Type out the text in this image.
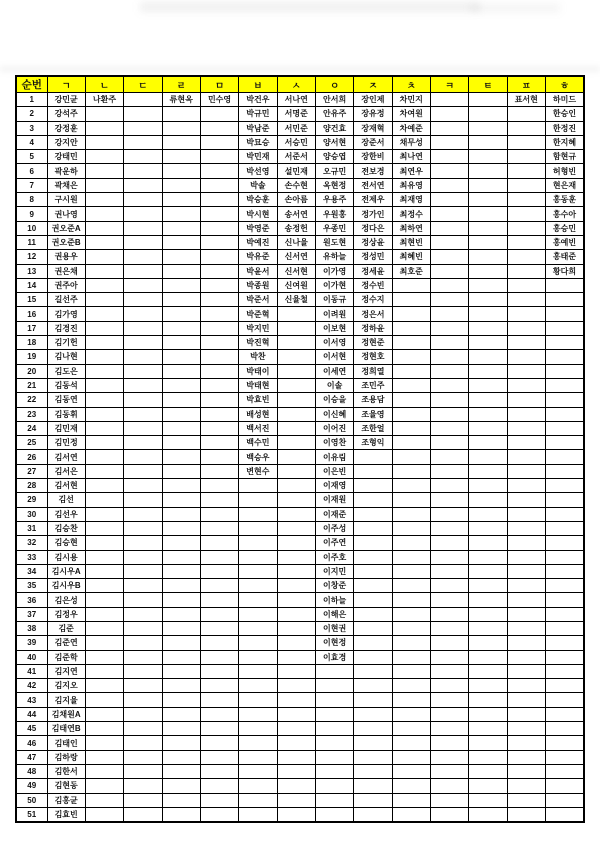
순번	ㄱ	ㄴ	ㄷ	ㄹ	ㅁ	ㅂ	ㅅ	ㅇ	ㅈ	ㅊ	ㅋ	ㅌ	ㅍ	ㅎ
1	강민균	나환주		류현옥	민수영	박건우	서나연	안서희	장인제	차민지			표서현	하미드
2	강석주					박규민	서명준	안유주	장유정	차여원				한승인
3	강정훈					박남준	서민준	양건효	장재혁	차예준				한정진
4	강지안					박묘승	서승민	양서현	장준서	채무성				한지혜
5	강태민					박민재	서준서	양승엽	장한비	최나연				함현규
6	곽운하					박선영	설민재	오규민	전보경	최연우				허형빈
7	곽채은					박솔	손수현	옥현정	전서연	최유영				현은재
8	구시원					박승훈	손아름	우용주	전제우	최재영				홍동훈
9	권나영					박시현	송서연	우원홍	정가인	최정수				홍수아
10	권오준A					박영준	송정헌	우종민	정다은	최하연				홍승민
11	권오준B					박예진	신나율	원도현	정상윤	최현빈				홍예빈
12	권용우					박유준	신서연	유하늘	정성민	최혜빈				홍태준
13	권은채					박윤서	신서현	이가영	정세윤	최호준				황다희
14	권주아					박종원	신여원	이가현	정수빈					
15	길선주					박준서	신율철	이동규	정수지					
16	김가영					박준혁		이려원	정은서					
17	김경진					박지민		이보현	정하윤					
18	김기헌					박진혁		이서영	정현준					
19	김나현					박찬		이서현	정현호					
20	김도은					박태이		이세연	정희열					
21	김동석					박태현		이솔	조민주					
22	김동연					박효빈		이승을	조용담					
23	김동휘					배성현		이신혜	조율영					
24	김민재					백서진		이어진	조한얼					
25	김민정					백수민		이영찬	조형익					
26	김서연					백승우		이유림						
27	김서은					변현수		이은빈						
28	김서현							이재영						
29	김선							이재원						
30	김선우							이재준						
31	김승찬							이주성						
32	김승현							이주연						
33	김시용							이주호						
34	김시우A							이지민						
35	김시우B							이창준						
36	김은성							이하늘						
37	김정우							이해은						
38	김준							이현권						
39	김준연							이현정						
40	김준학							이효경						
41	김지연													
42	김지오													
43	김지율													
44	김채원A													
45	김태연B													
46	김태인													
47	김하랑													
48	김한서													
49	김현동													
50	김홍균													
51	김효빈													
